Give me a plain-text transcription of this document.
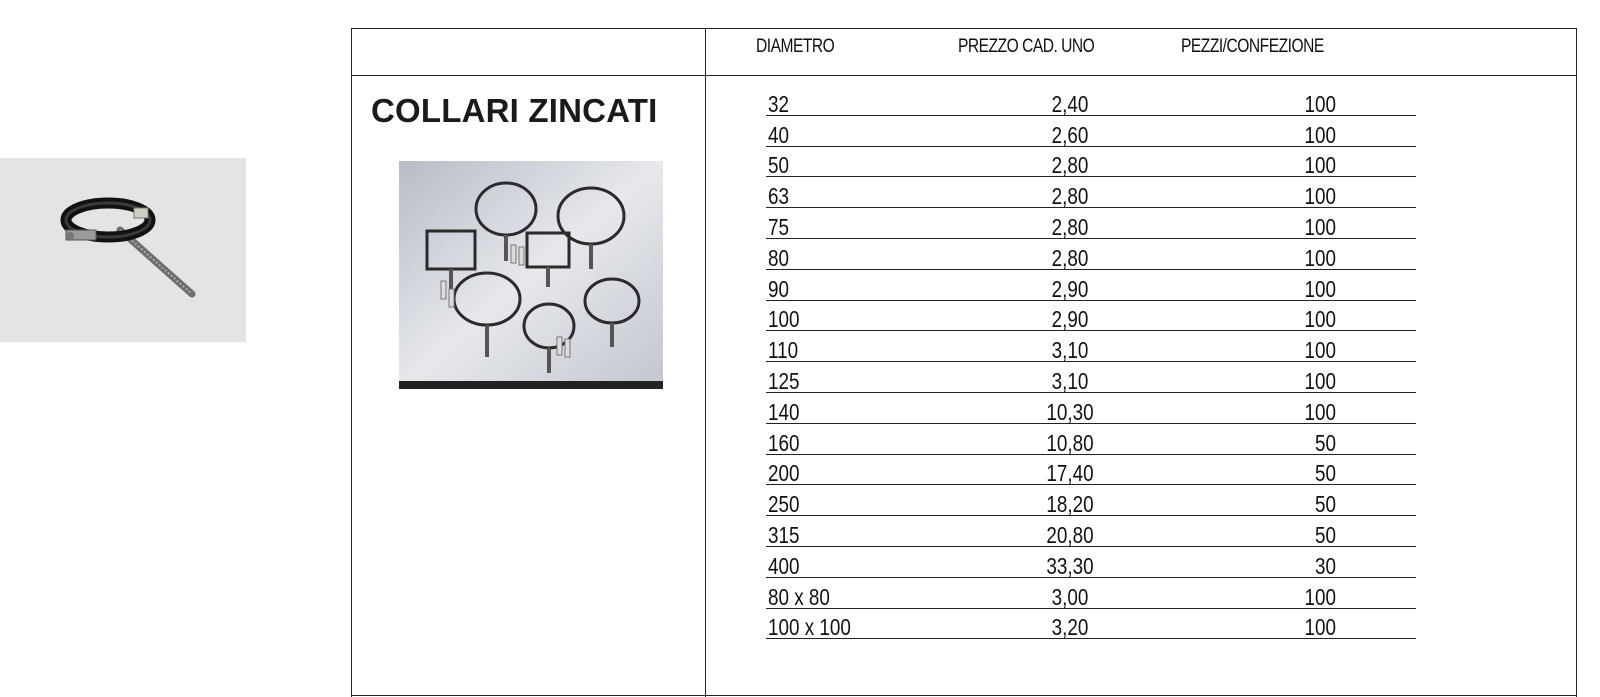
DIAMETRO	PREZZO CAD. UNO	PEZZI/CONFEZIONE
COLLARI ZINCATI	32	2,40	100
40	2,60	100
50	2,80	100
63	2,80	100
75	2,80	100
80	2,80	100
90	2,90	100
100	2,90	100
110	3,10	100
125	3,10	100
140	10,30	100
160	10,80	50
200	17,40	50
250	18,20	50
315	20,80	50
400	33,30	30
80 x 80	3,00	100
100 x 100	3,20	100
